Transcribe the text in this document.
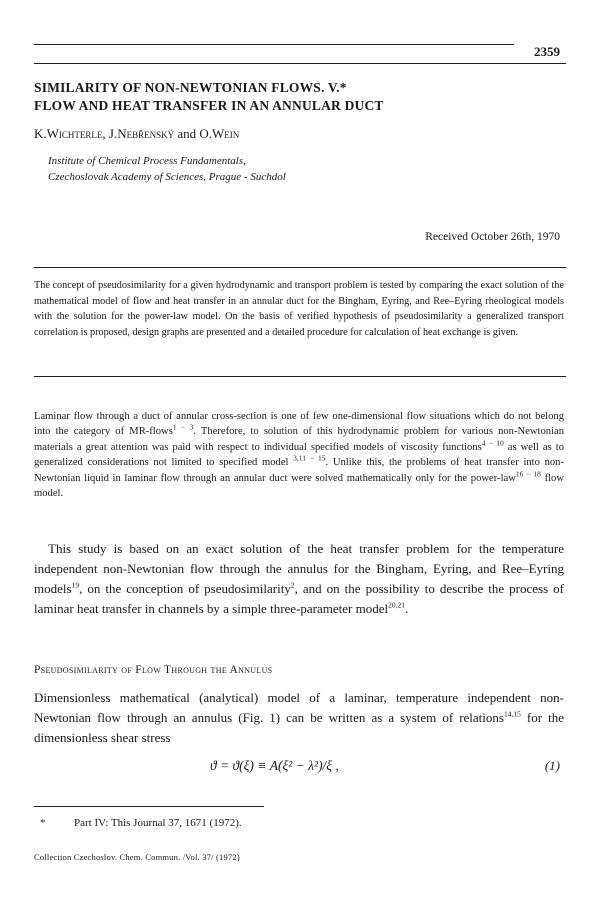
2359
SIMILARITY OF NON-NEWTONIAN FLOWS. V.*
FLOW AND HEAT TRANSFER IN AN ANNULAR DUCT
K.Wichterle, J.Nebřenský and O.Wein
Institute of Chemical Process Fundamentals,
Czechoslovak Academy of Sciences, Prague - Suchdol
Received October 26th, 1970

The concept of pseudosimilarity for a given hydrodynamic and transport problem is tested by comparing the exact solution of the mathematical model of flow and heat transfer in an annular duct for the Bingham, Eyring, and Ree–Eyring rheological models with the solution for the power-law model. On the basis of verified hypothesis of pseudosimilarity a generalized transport correlation is proposed, design graphs are presented and a detailed procedure for calculation of heat exchange is given.

Laminar flow through a duct of annular cross-section is one of few one-dimensional flow situations which do not belong into the category of MR-flows$^{1 - 3}$. Therefore, to solution of this hydrodynamic problem for various non-Newtonian materials a great attention was paid with respect to individual specified models of viscosity functions$^{4 - 10}$ as well as to generalized considerations not limited to specified model $^{3,11 - 15}$. Unlike this, the problems of heat transfer into non-Newtonian liquid in laminar flow through an annular duct were solved mathematically only for the power-law$^{16 - 18}$ flow model.

This study is based on an exact solution of the heat transfer problem for the temperature independent non-Newtonian flow through the annulus for the Bingham, Eyring, and Ree–Eyring models$^{19}$, on the conception of pseudosimilarity$^2$, and on the possibility to describe the process of laminar heat transfer in channels by a simple three-parameter model$^{20,21}$.

Pseudosimilarity of Flow Through the Annulus

Dimensionless mathematical (analytical) model of a laminar, temperature independent non-Newtonian flow through an annulus (Fig. 1) can be written as a system of relations$^{14,15}$ for the dimensionless shear stress

ϑ = ϑ(ξ) ≡ A(ξ² − λ²)/ξ ,	(1)
*	Part IV: This Journal 37, 1671 (1972).
Collection Czechoslov. Chem. Commun. /Vol. 37/ (1972)
